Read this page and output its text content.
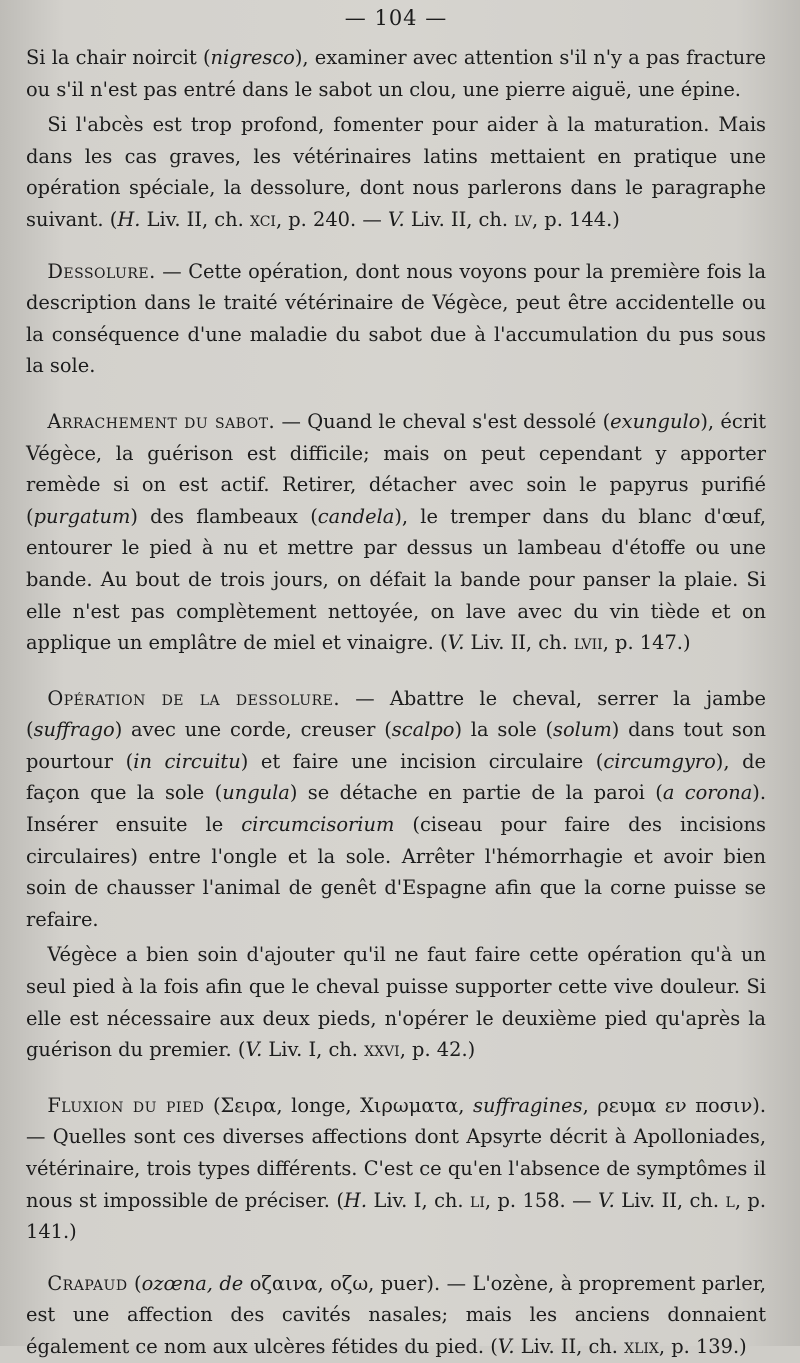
— 104 —

Si la chair noircit (nigresco), examiner avec attention s'il n'y a pas fracture ou s'il n'est pas entré dans le sabot un clou, une pierre aiguë, une épine.

Si l'abcès est trop profond, fomenter pour aider à la maturation. Mais dans les cas graves, les vétérinaires latins mettaient en pratique une opération spéciale, la dessolure, dont nous parlerons dans le paragraphe suivant. (H. Liv. II, ch. xci, p. 240. — V. Liv. II, ch. lv, p. 144.)

Dessolure. — Cette opération, dont nous voyons pour la première fois la description dans le traité vétérinaire de Végèce, peut être accidentelle ou la conséquence d'une maladie du sabot due à l'accumulation du pus sous la sole.

Arrachement du sabot. — Quand le cheval s'est dessolé (exungulo), écrit Végèce, la guérison est difficile; mais on peut cependant y apporter remède si on est actif. Retirer, détacher avec soin le papyrus purifié (purgatum) des flambeaux (candela), le tremper dans du blanc d'œuf, entourer le pied à nu et mettre par dessus un lambeau d'étoffe ou une bande. Au bout de trois jours, on défait la bande pour panser la plaie. Si elle n'est pas complètement nettoyée, on lave avec du vin tiède et on applique un emplâtre de miel et vinaigre. (V. Liv. II, ch. lvii, p. 147.)

Opération de la dessolure. — Abattre le cheval, serrer la jambe (suffrago) avec une corde, creuser (scalpo) la sole (solum) dans tout son pourtour (in circuitu) et faire une incision circulaire (circumgyro), de façon que la sole (ungula) se détache en partie de la paroi (a corona). Insérer ensuite le circumcisorium (ciseau pour faire des incisions circulaires) entre l'ongle et la sole. Arrêter l'hémorrhagie et avoir bien soin de chausser l'animal de genêt d'Espagne afin que la corne puisse se refaire.

Végèce a bien soin d'ajouter qu'il ne faut faire cette opération qu'à un seul pied à la fois afin que le cheval puisse supporter cette vive douleur. Si elle est nécessaire aux deux pieds, n'opérer le deuxième pied qu'après la guérison du premier. (V. Liv. I, ch. xxvi, p. 42.)

Fluxion du pied (Σειρα, longe, Χιρωματα, suffragines, ρευμα εν ποσιν). — Quelles sont ces diverses affections dont Apsyrte décrit à Apolloniades, vétérinaire, trois types différents. C'est ce qu'en l'absence de symptômes il nous st impossible de préciser. (H. Liv. I, ch. li, p. 158. — V. Liv. II, ch. l, p. 141.)

Crapaud (ozœna, de οζαινα, οζω, puer). — L'ozène, à proprement parler, est une affection des cavités nasales; mais les anciens donnaient également ce nom aux ulcères fétides du pied. (V. Liv. II, ch. xlix, p. 139.)
